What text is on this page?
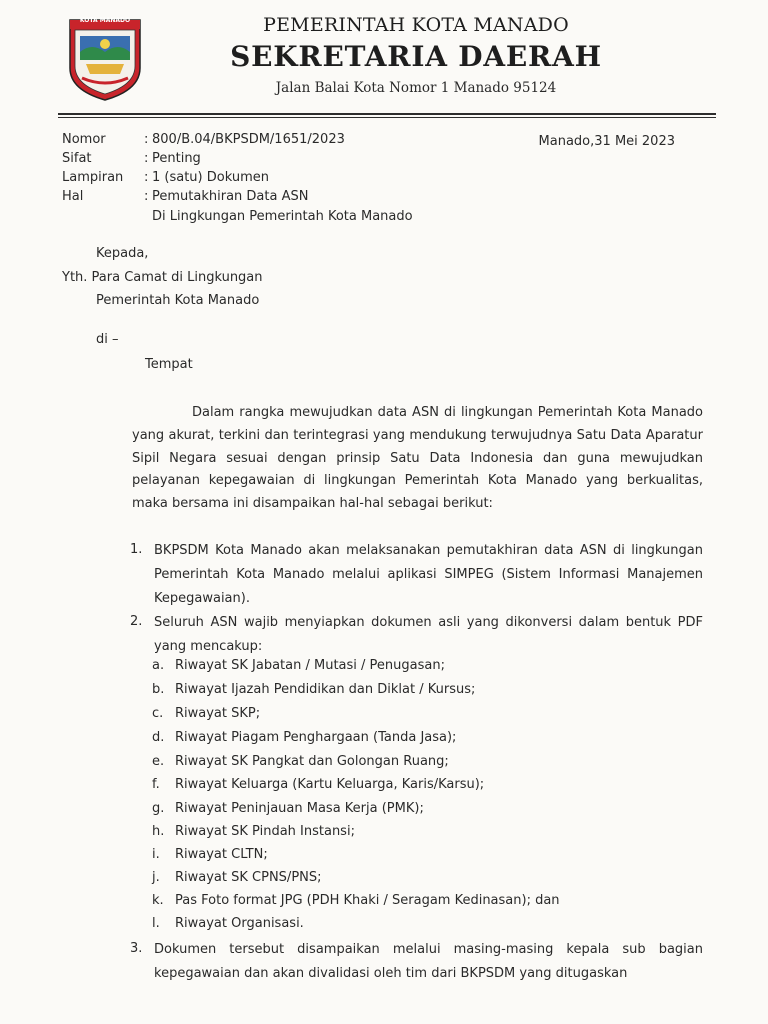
KOTA MANADO	PEMERINTAH KOTA MANADO
SEKRETARIA DAERAH
Jalan Balai Kota Nomor 1 Manado 95124
Nomor	: 800/B.04/BKPSDM/1651/2023
Sifat	: Penting
Lampiran : 1 (satu) Dokumen
Hal	: Pemutakhiran Data ASN
Di Lingkungan Pemerintah Kota Manado
Manado,31 Mei 2023
Kepada,
Yth. Para Camat di Lingkungan
Pemerintah Kota Manado
di –
Tempat
Dalam rangka mewujudkan data ASN di lingkungan Pemerintah Kota Manado yang akurat, terkini dan terintegrasi yang mendukung terwujudnya Satu Data Aparatur Sipil Negara sesuai dengan prinsip Satu Data Indonesia dan guna mewujudkan pelayanan kepegawaian di lingkungan Pemerintah Kota Manado yang berkualitas, maka bersama ini disampaikan hal-hal sebagai berikut:
1. BKPSDM Kota Manado akan melaksanakan pemutakhiran data ASN di lingkungan Pemerintah Kota Manado melalui aplikasi SIMPEG (Sistem Informasi Manajemen Kepegawaian).
2. Seluruh ASN wajib menyiapkan dokumen asli yang dikonversi dalam bentuk PDF yang mencakup:
a. Riwayat SK Jabatan / Mutasi / Penugasan;
b. Riwayat Ijazah Pendidikan dan Diklat / Kursus;
c. Riwayat SKP;
d. Riwayat Piagam Penghargaan (Tanda Jasa);
e. Riwayat SK Pangkat dan Golongan Ruang;
f. Riwayat Keluarga (Kartu Keluarga, Karis/Karsu);
g. Riwayat Peninjauan Masa Kerja (PMK);
h. Riwayat SK Pindah Instansi;
i. Riwayat CLTN;
j. Riwayat SK CPNS/PNS;
k. Pas Foto format JPG (PDH Khaki / Seragam Kedinasan); dan
l. Riwayat Organisasi.
3. Dokumen tersebut disampaikan melalui masing-masing kepala sub bagian kepegawaian dan akan divalidasi oleh tim dari BKPSDM yang ditugaskan
